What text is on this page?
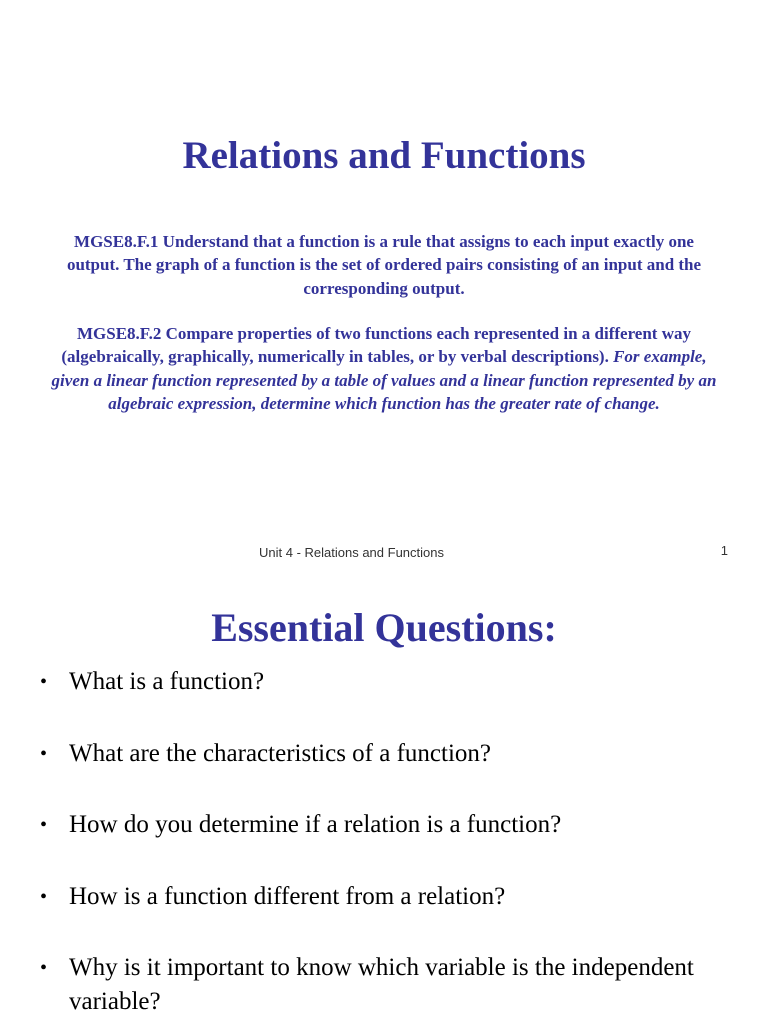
Relations and Functions

MGSE8.F.1 Understand that a function is a rule that assigns to each input exactly one output. The graph of a function is the set of ordered pairs consisting of an input and the corresponding output.

MGSE8.F.2 Compare properties of two functions each represented in a different way (algebraically, graphically, numerically in tables, or by verbal descriptions). For example, given a linear function represented by a table of values and a linear function represented by an algebraic expression, determine which function has the greater rate of change.

Unit 4 - Relations and Functions	1
Essential Questions:
• What is a function?
• What are the characteristics of a function?
• How do you determine if a relation is a function?
• How is a function different from a relation?
• Why is it important to know which variable is the independent variable?
